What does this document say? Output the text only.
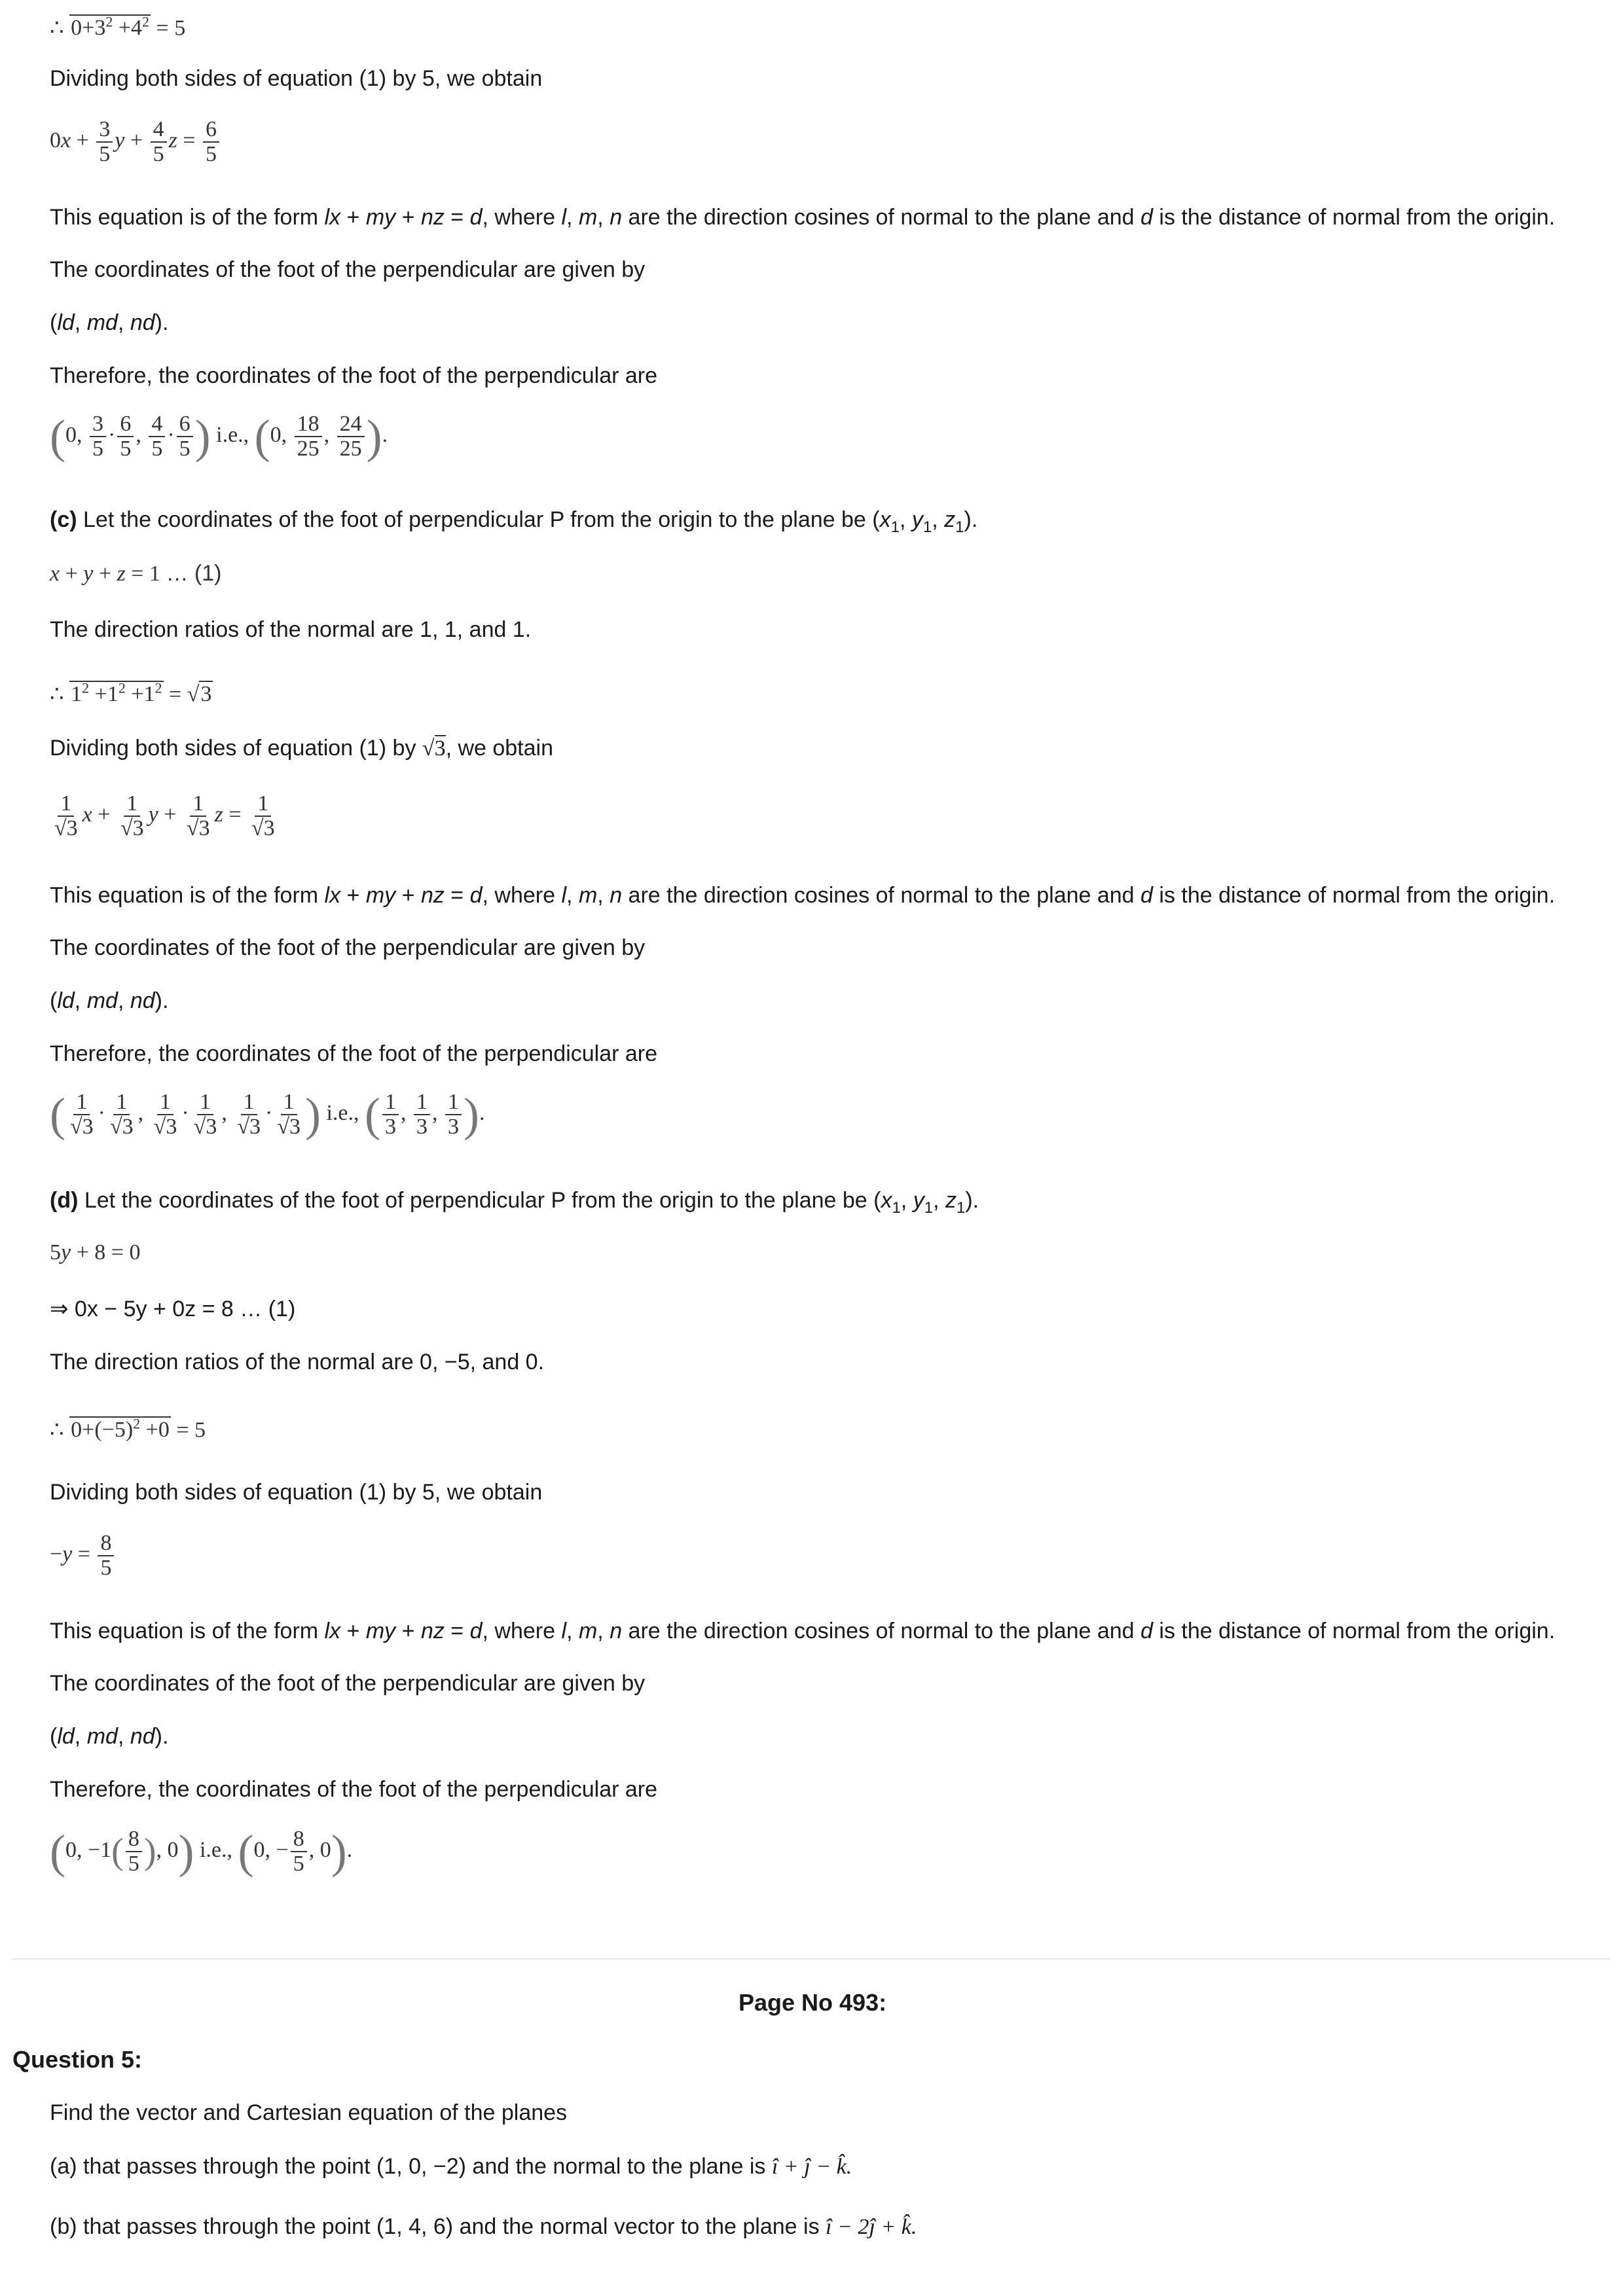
∴ $0+3^2 +4^2 = 5$
Dividing both sides of equation (1) by 5, we obtain
$0x + \frac{3}{5}$ $y + \frac{4}{5}$ $z = \frac{6}{5}$
This equation is of the form lx + my + nz = d, where l, m, n are the direction cosines of normal to the plane and d is the distance of normal from the origin.
The coordinates of the foot of the perpendicular are given by
(ld, md, nd).
Therefore, the coordinates of the foot of the perpendicular are
(0, $\frac{3}{5} \cdot \frac{6}{5}$ , $\frac{4}{5} \cdot \frac{6}{5}$ ) i.e., (0, $\frac{18}{25}$ , $\frac{24}{25}$ ).
(c) Let the coordinates of the foot of perpendicular P from the origin to the plane be ($x_1$, $y_1$, $z_1$).
x + y + z = 1 … (1)
The direction ratios of the normal are 1, 1, and 1.
∴ $1^2 +1^2 +1^2 = √3$
Dividing both sides of equation (1) by √3, we obtain
$\frac{1}{√3}$ $x + \frac{1}{√3}$ $y + \frac{1}{√3}$ $z = \frac{1}{√3}$
This equation is of the form lx + my + nz = d, where l, m, n are the direction cosines of normal to the plane and d is the distance of normal from the origin.
The coordinates of the foot of the perpendicular are given by
(ld, md, nd).
Therefore, the coordinates of the foot of the perpendicular are
( $\frac{1}{√3} \cdot \frac{1}{√3}$ , $\frac{1}{√3} \cdot \frac{1}{√3}$ , $\frac{1}{√3} \cdot \frac{1}{√3}$ ) i.e., ( $\frac{1}{3}$ , $\frac{1}{3}$ , $\frac{1}{3}$ ).
(d) Let the coordinates of the foot of perpendicular P from the origin to the plane be ($x_1$, $y_1$, $z_1$).
5y + 8 = 0
⇒ 0x − 5y + 0z = 8 … (1)
The direction ratios of the normal are 0, −5, and 0.
∴ $0+(-5)^2 +0 = 5$
Dividing both sides of equation (1) by 5, we obtain
$-y = \frac{8}{5}$
This equation is of the form lx + my + nz = d, where l, m, n are the direction cosines of normal to the plane and d is the distance of normal from the origin.
The coordinates of the foot of the perpendicular are given by
(ld, md, nd).
Therefore, the coordinates of the foot of the perpendicular are
(0, $-1( \frac{8}{5}$ ), 0) i.e., (0, − $\frac{8}{5}$ , 0).
Page No 493:
Question 5:
Find the vector and Cartesian equation of the planes
(a) that passes through the point (1, 0, −2) and the normal to the plane is î + ĵ − k̂.
(b) that passes through the point (1, 4, 6) and the normal vector to the plane is î − 2ĵ + k̂.
